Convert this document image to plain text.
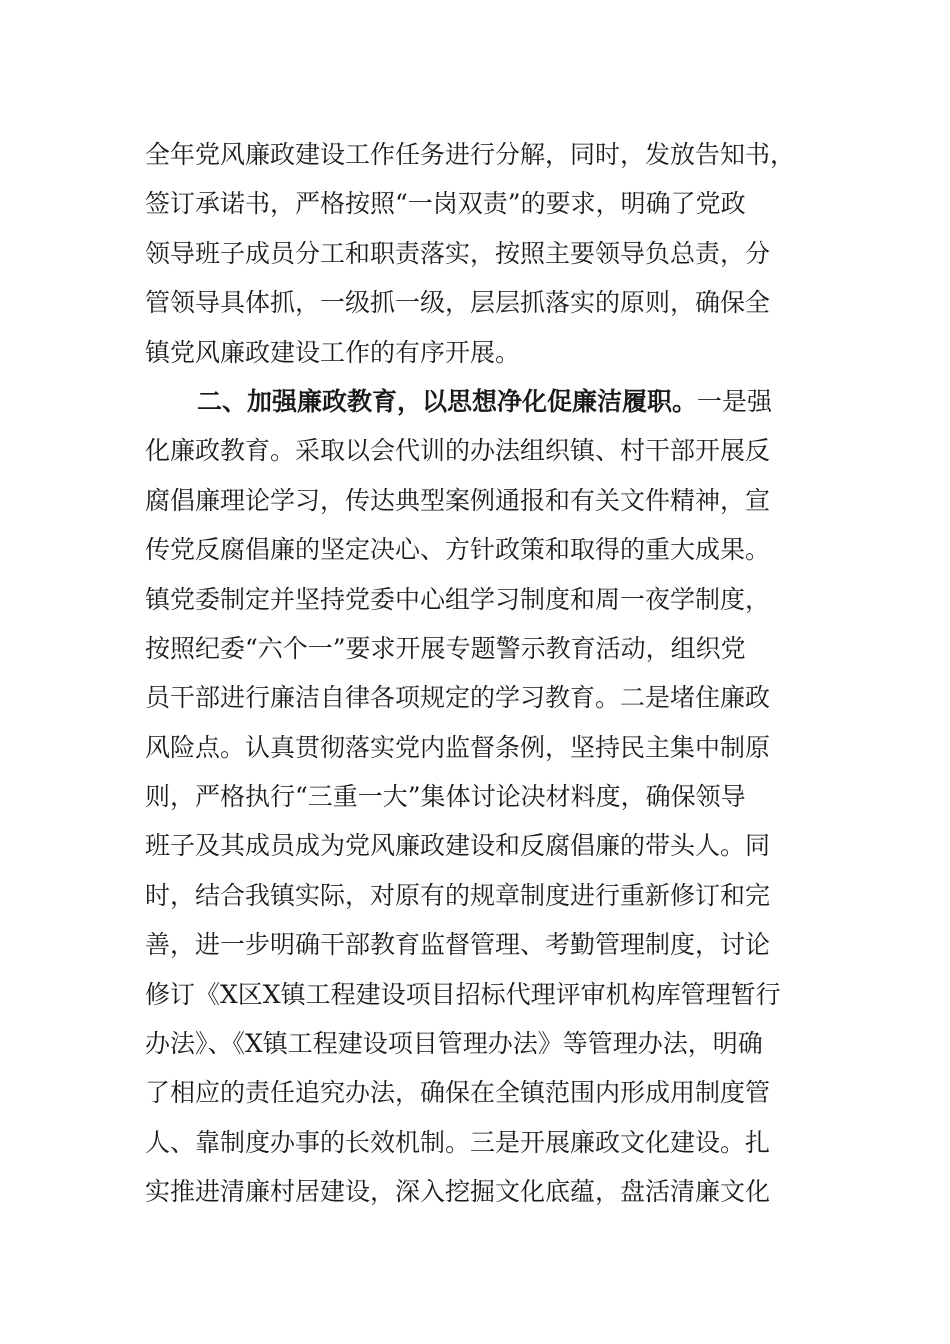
全年党风廉政建设工作任务进行分解，同时，发放告知书，
签订承诺书，严格按照“一岗双责”的要求，明确了党政
领导班子成员分工和职责落实，按照主要领导负总责，分
管领导具体抓，一级抓一级，层层抓落实的原则，确保全
镇党风廉政建设工作的有序开展。
二、加强廉政教育，以思想净化促廉洁履职。一是强
化廉政教育。采取以会代训的办法组织镇、村干部开展反
腐倡廉理论学习，传达典型案例通报和有关文件精神，宣
传党反腐倡廉的坚定决心、方针政策和取得的重大成果。
镇党委制定并坚持党委中心组学习制度和周一夜学制度，
按照纪委“六个一”要求开展专题警示教育活动，组织党
员干部进行廉洁自律各项规定的学习教育。二是堵住廉政
风险点。认真贯彻落实党内监督条例，坚持民主集中制原
则，严格执行“三重一大”集体讨论决材料度，确保领导
班子及其成员成为党风廉政建设和反腐倡廉的带头人。同
时，结合我镇实际，对原有的规章制度进行重新修订和完
善，进一步明确干部教育监督管理、考勤管理制度，讨论
修订《X区X镇工程建设项目招标代理评审机构库管理暂行
办法》、《X镇工程建设项目管理办法》等管理办法，明确
了相应的责任追究办法，确保在全镇范围内形成用制度管
人、靠制度办事的长效机制。三是开展廉政文化建设。扎
实推进清廉村居建设，深入挖掘文化底蕴，盘活清廉文化
